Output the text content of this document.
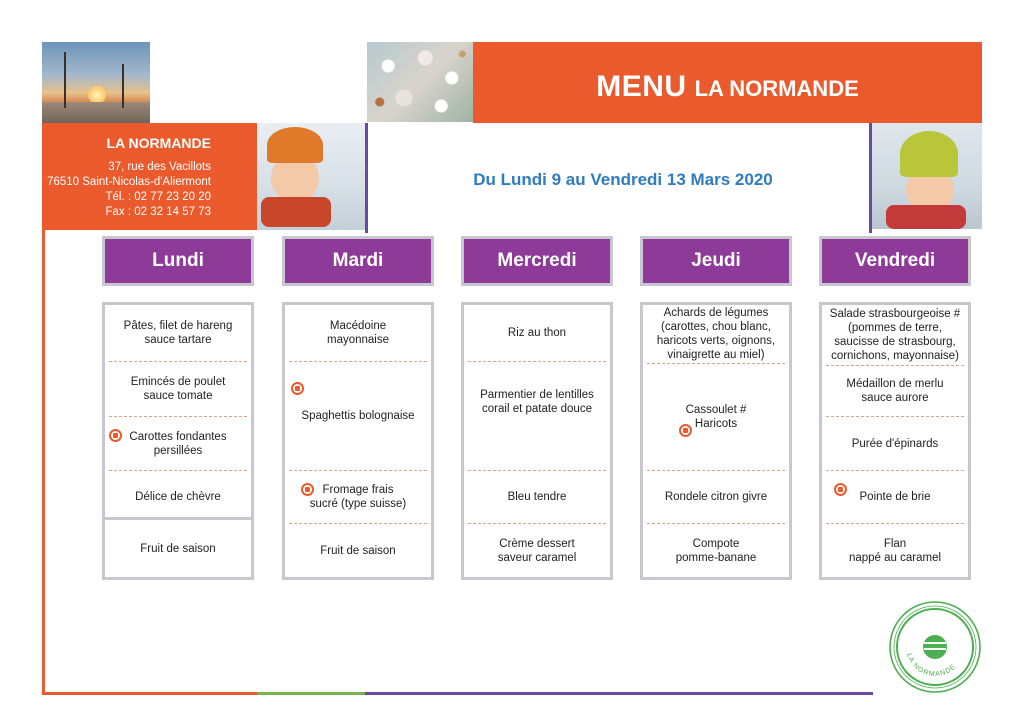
MENU LA NORMANDE
LA NORMANDE
37, rue des Vacillots
76510 Saint-Nicolas-d'Aliermont
Tél. : 02 77 23 20 20
Fax : 02 32 14 57 73
Du Lundi 9 au Vendredi 13 Mars 2020
Lundi
Pâtes, filet de hareng
sauce tartare
Emincés de poulet
sauce tomate
Carottes fondantes
persillées
Délice de chèvre
Fruit de saison
Mardi
Macédoine
mayonnaise
Spaghettis bolognaise
Fromage frais
sucré (type suisse)
Fruit de saison
Mercredi
Riz au thon
Parmentier de lentilles
corail et patate douce
Bleu tendre
Crème dessert
saveur caramel
Jeudi
Achards de légumes
(carottes, chou blanc,
haricots verts, oignons,
vinaigrette au miel)
Cassoulet #
Haricots
Rondele citron givre
Compote
pomme-banane
Vendredi
Salade strasbourgeoise #
(pommes de terre,
saucisse de strasbourg,
cornichons, mayonnaise)
Médaillon de merlu
sauce aurore
Purée d'épinards
Pointe de brie
Flan
nappé au caramel
LA NORMANDE
